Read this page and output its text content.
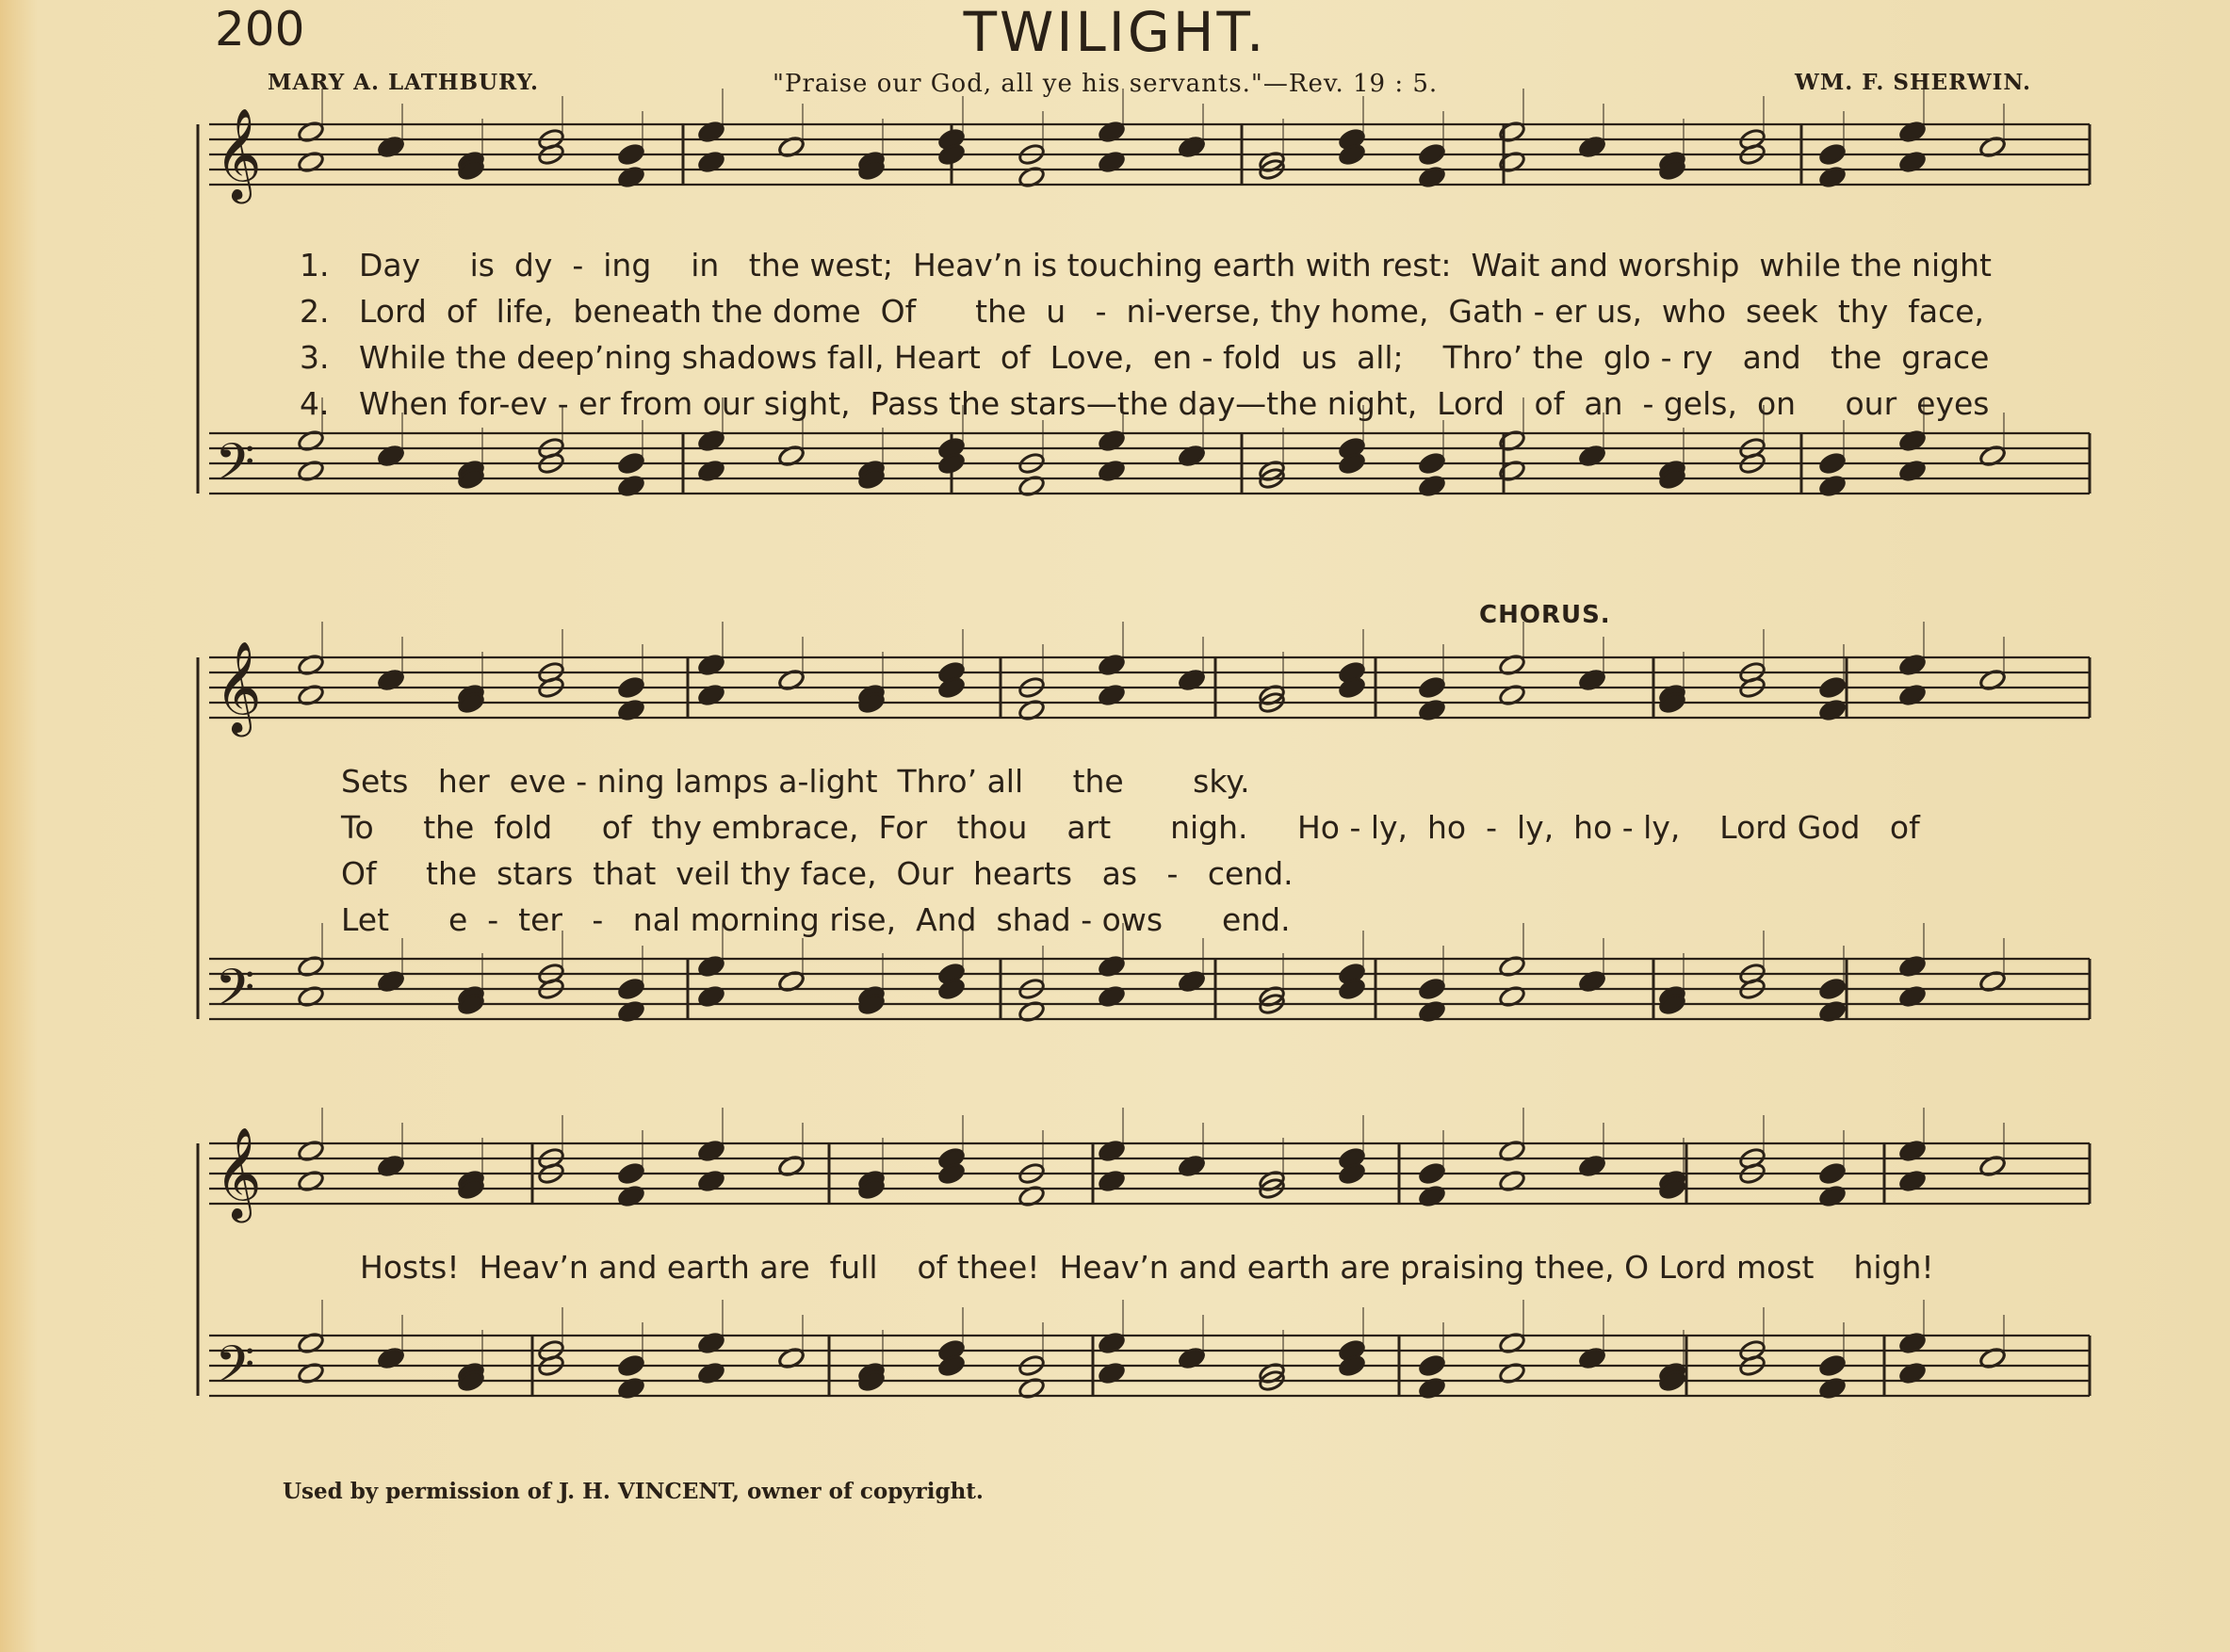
200	TWILIGHT.
MARY A. LATHBURY.	"Praise our God, all ye his servants."—Rev. 19 : 5.	WM. F. SHERWIN.
𝄞
𝄢
𝄞
𝄢
𝄞
𝄢
1.   Day     is  dy  -  ing    in   the west;  Heav’n is touching earth with rest:  Wait and worship  while the night
2.   Lord  of  life,  beneath the dome  Of      the  u   -  ni-verse, thy home,  Gath - er us,  who  seek  thy  face,
3.   While the deep’ning shadows fall, Heart  of  Love,  en - fold  us  all;    Thro’ the  glo - ry   and   the  grace
4.   When for-ev - er from our sight,  Pass the stars—the day—the night,  Lord   of  an  - gels,  on     our  eyes
CHORUS.
Sets   her  eve - ning lamps a-light  Thro’ all     the       sky.
To     the  fold     of  thy embrace,  For   thou    art      nigh.     Ho - ly,  ho  -  ly,  ho - ly,    Lord God   of
Of     the  stars  that  veil thy face,  Our  hearts   as   -   cend.
Let      e  -  ter   -   nal morning rise,  And  shad - ows      end.
Hosts!  Heav’n and earth are  full    of thee!  Heav’n and earth are praising thee, O Lord most    high!
Used by permission of J. H. VINCENT, owner of copyright.
